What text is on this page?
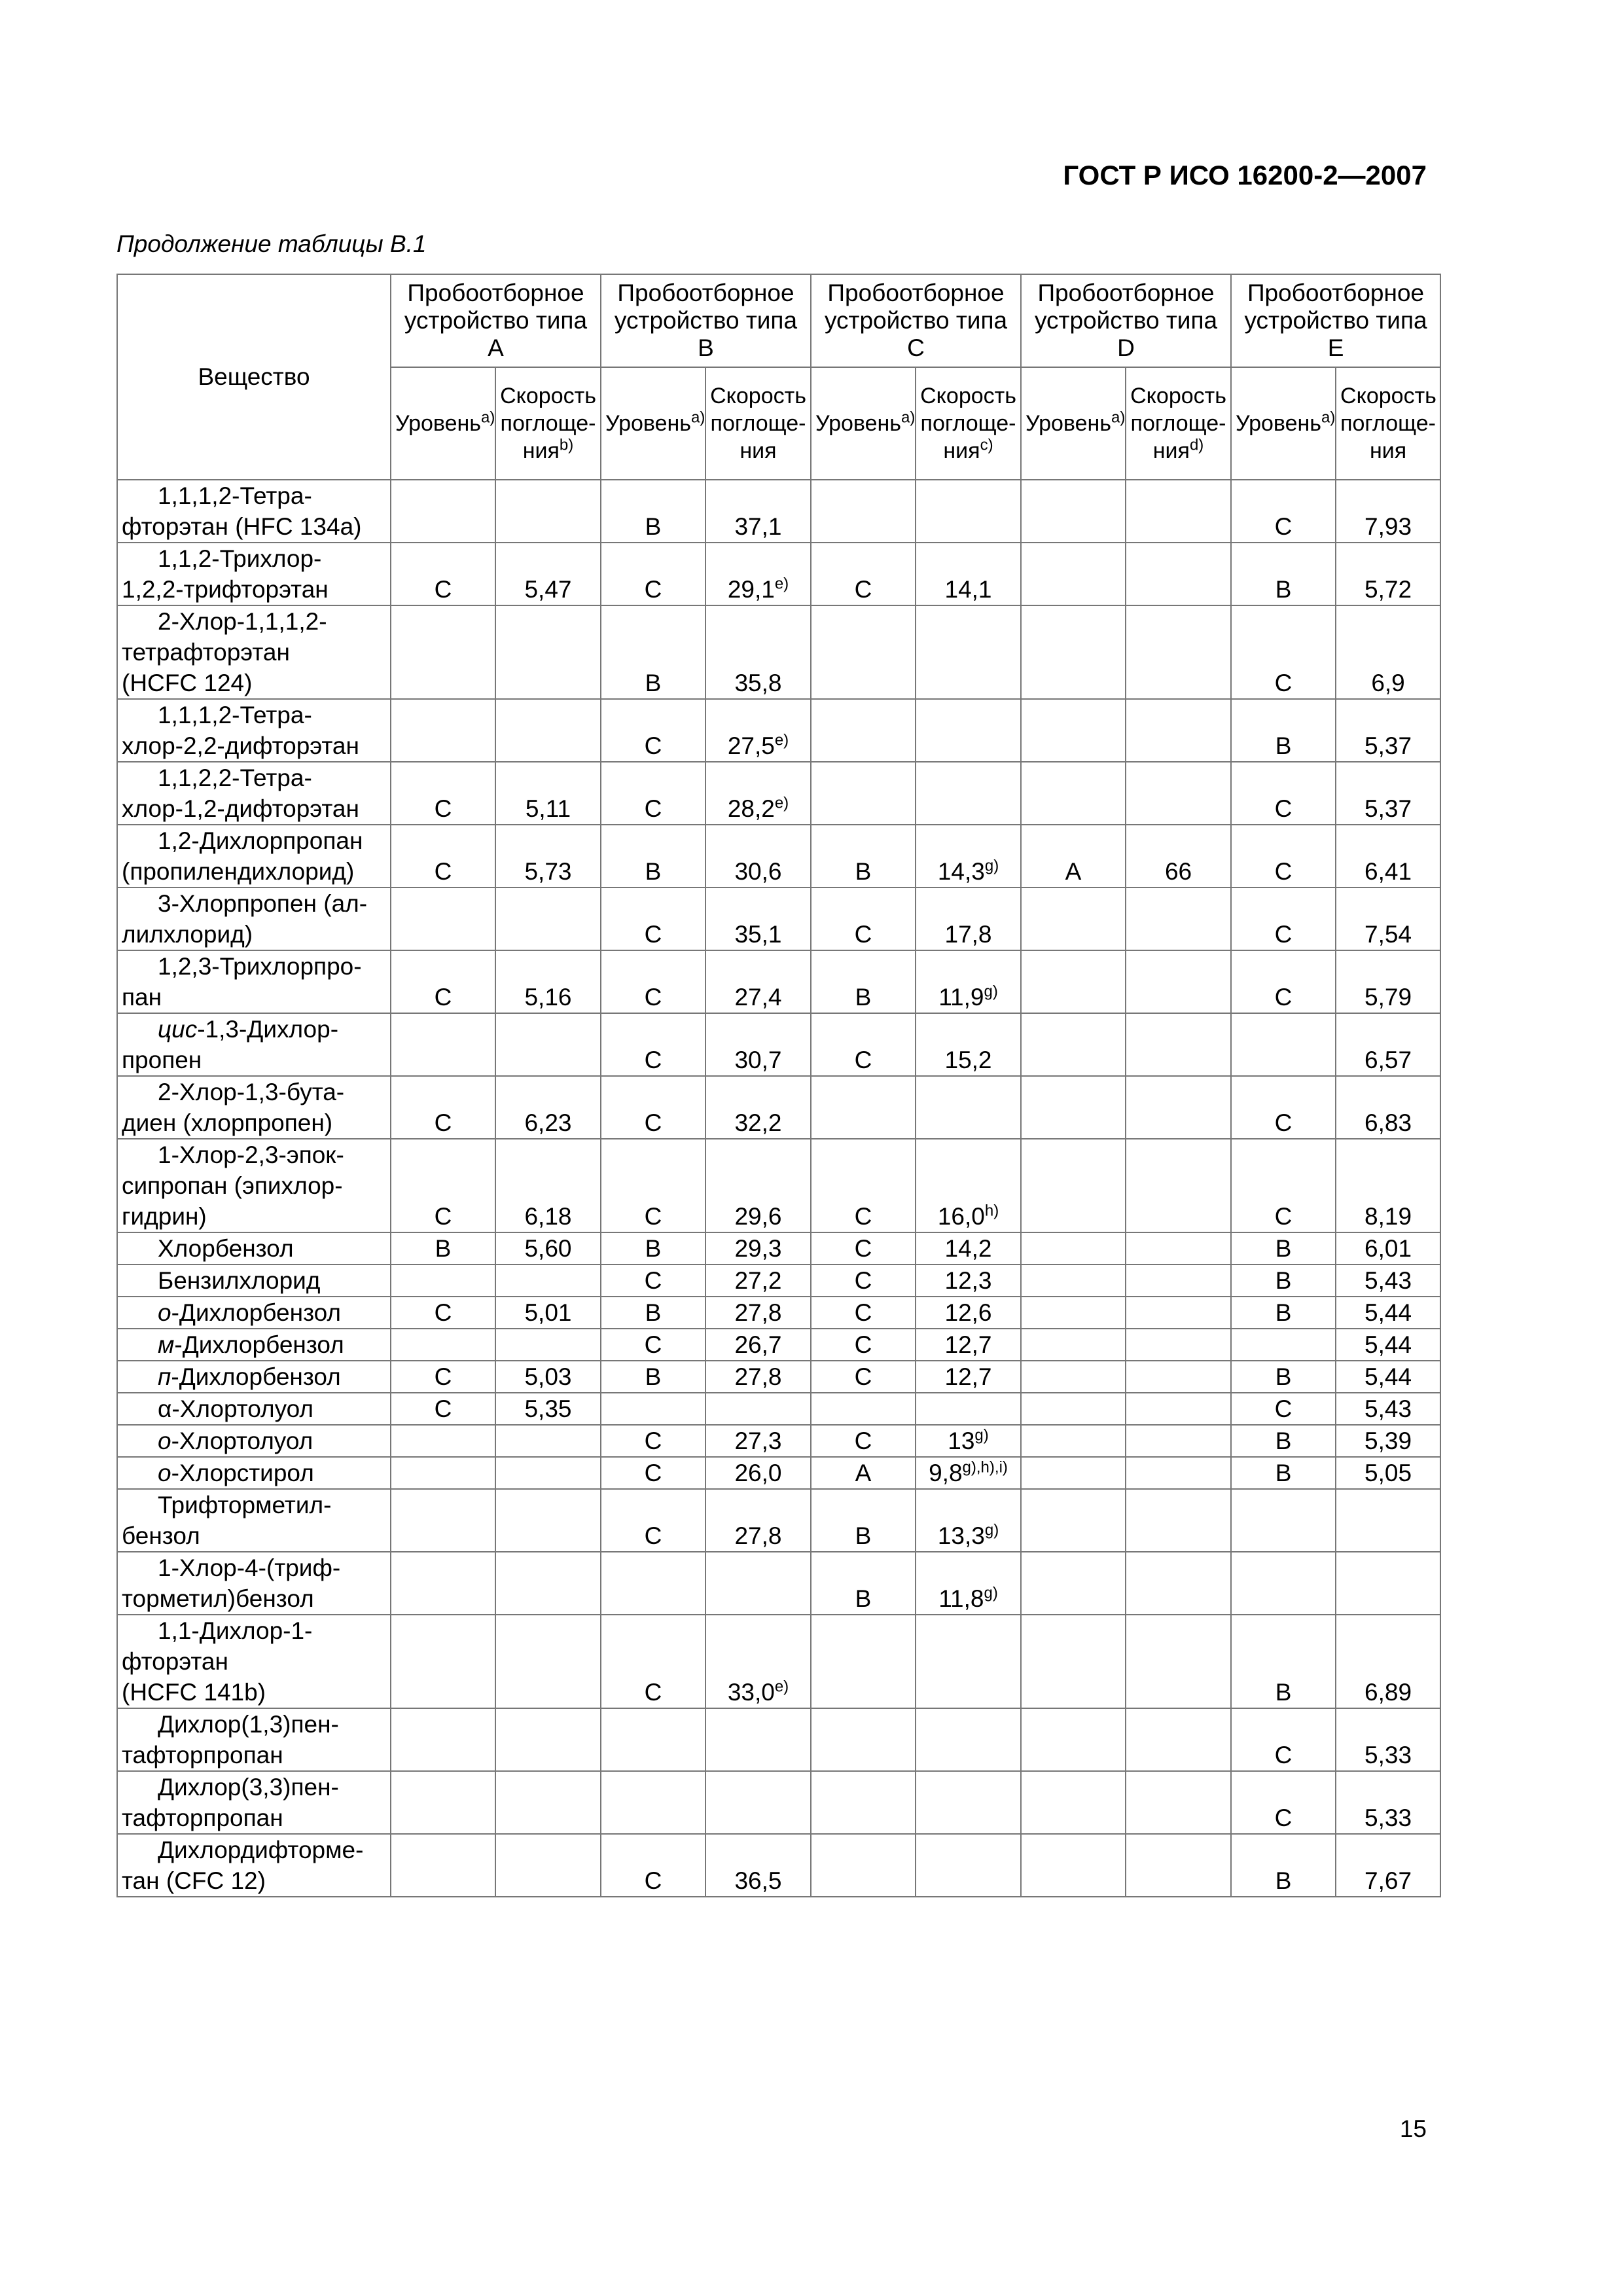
ГОСТ Р ИСО 16200-2—2007
Продолжение таблицы B.1
Вещество	Пробоотборное устройство типа A		Пробоотборное устройство типа B		Пробоотборное устройство типа C		Пробоотборное устройство типа D		Пробоотборное устройство типа E	
	Уровень$^{a)}$	Скорость поглоще-ния$^{b)}$	Уровень$^{a)}$	Скорость поглоще-ния	Уровень$^{a)}$	Скорость поглоще-ния$^{c)}$	Уровень$^{a)}$	Скорость поглоще-ния$^{d)}$	Уровень$^{a)}$	Скорость поглоще-ния
1,1,1,2-Тетра-
фторэтан (HFC 134a)			B	37,1					C	7,93
1,1,2-Трихлор-
1,2,2-трифторэтан	C	5,47	C	29,1$^{e)}$	C	14,1			B	5,72
2-Хлор-1,1,1,2-
тетрафторэтан
(HCFC 124)			B	35,8					C	6,9
1,1,1,2-Тетра-
хлор-2,2-дифторэтан			C	27,5$^{e)}$					B	5,37
1,1,2,2-Тетра-
хлор-1,2-дифторэтан	C	5,11	C	28,2$^{e)}$					C	5,37
1,2-Дихлорпропан
(пропилендихлорид)	C	5,73	B	30,6	B	14,3$^{g)}$	A	66	C	6,41
3-Хлорпропен (ал-
лилхлорид)			C	35,1	C	17,8			C	7,54
1,2,3-Трихлорпро-
пан	C	5,16	C	27,4	B	11,9$^{g)}$			C	5,79
цис-1,3-Дихлор-
пропен			C	30,7	C	15,2				6,57
2-Хлор-1,3-бута-
диен (хлорпропен)	C	6,23	C	32,2					C	6,83
1-Хлор-2,3-эпок-
сипропан (эпихлор-
гидрин)	C	6,18	C	29,6	C	16,0$^{h)}$			C	8,19
Хлорбензол	B	5,60	B	29,3	C	14,2			B	6,01
Бензилхлорид			C	27,2	C	12,3			B	5,43
о-Дихлорбензол	C	5,01	B	27,8	C	12,6			B	5,44
м-Дихлорбензол			C	26,7	C	12,7				5,44
п-Дихлорбензол	C	5,03	B	27,8	C	12,7			B	5,44
α-Хлортолуол	C	5,35							C	5,43
о-Хлортолуол			C	27,3	C	13$^{g)}$			B	5,39
о-Хлорстирол			C	26,0	A	$9,8^{g),h),i)}$			B	5,05
Трифторметил-
бензол			C	27,8	B	13,3$^{g)}$				
1-Хлор-4-(триф-
торметил)бензол					B	11,8$^{g)}$				
1,1-Дихлор-1-
фторэтан
(HCFC 141b)			C	33,0$^{e)}$					B	6,89
Дихлор(1,3)пен-
тафторпропан									C	5,33
Дихлор(3,3)пен-
тафторпропан									C	5,33
Дихлордифторме-
тан (CFC 12)			C	36,5					B	7,67
15
